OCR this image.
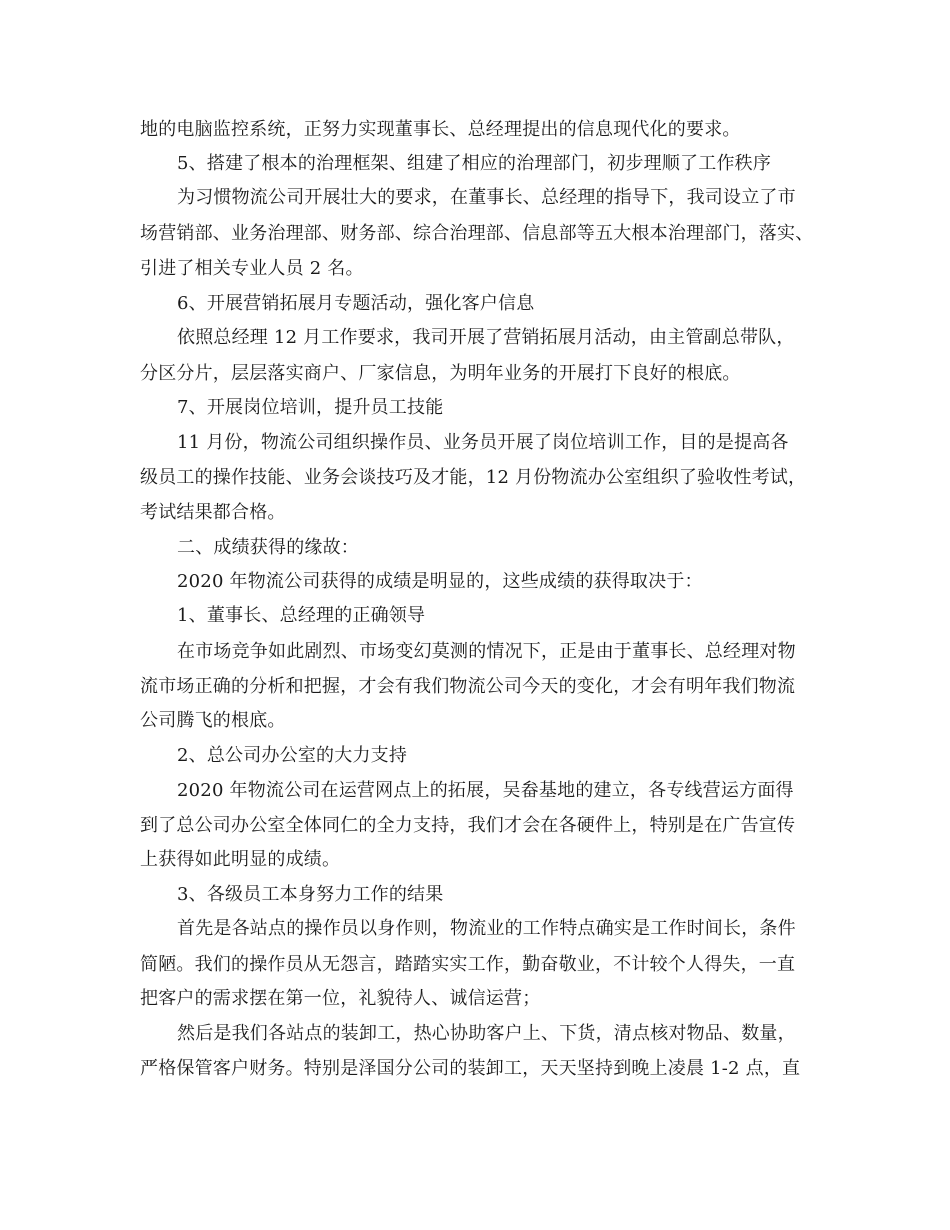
地的电脑监控系统，正努力实现董事长、总经理提出的信息现代化的要求。
5、搭建了根本的治理框架、组建了相应的治理部门，初步理顺了工作秩序
为习惯物流公司开展壮大的要求，在董事长、总经理的指导下，我司设立了市
场营销部、业务治理部、财务部、综合治理部、信息部等五大根本治理部门，落实、
引进了相关专业人员 2 名。
6、开展营销拓展月专题活动，强化客户信息
依照总经理 12 月工作要求，我司开展了营销拓展月活动，由主管副总带队，
分区分片，层层落实商户、厂家信息，为明年业务的开展打下良好的根底。
7、开展岗位培训，提升员工技能
11 月份，物流公司组织操作员、业务员开展了岗位培训工作，目的是提高各
级员工的操作技能、业务会谈技巧及才能，12 月份物流办公室组织了验收性考试，
考试结果都合格。
二、成绩获得的缘故：
2020 年物流公司获得的成绩是明显的，这些成绩的获得取决于：
1、董事长、总经理的正确领导
在市场竞争如此剧烈、市场变幻莫测的情况下，正是由于董事长、总经理对物
流市场正确的分析和把握，才会有我们物流公司今天的变化，才会有明年我们物流
公司腾飞的根底。
2、总公司办公室的大力支持
2020 年物流公司在运营网点上的拓展，吴畚基地的建立，各专线营运方面得
到了总公司办公室全体同仁的全力支持，我们才会在各硬件上，特别是在广告宣传
上获得如此明显的成绩。
3、各级员工本身努力工作的结果
首先是各站点的操作员以身作则，物流业的工作特点确实是工作时间长，条件
简陋。我们的操作员从无怨言，踏踏实实工作，勤奋敬业，不计较个人得失，一直
把客户的需求摆在第一位，礼貌待人、诚信运营；
然后是我们各站点的装卸工，热心协助客户上、下货，清点核对物品、数量，
严格保管客户财务。特别是泽国分公司的装卸工，天天坚持到晚上凌晨 1-2 点，直
